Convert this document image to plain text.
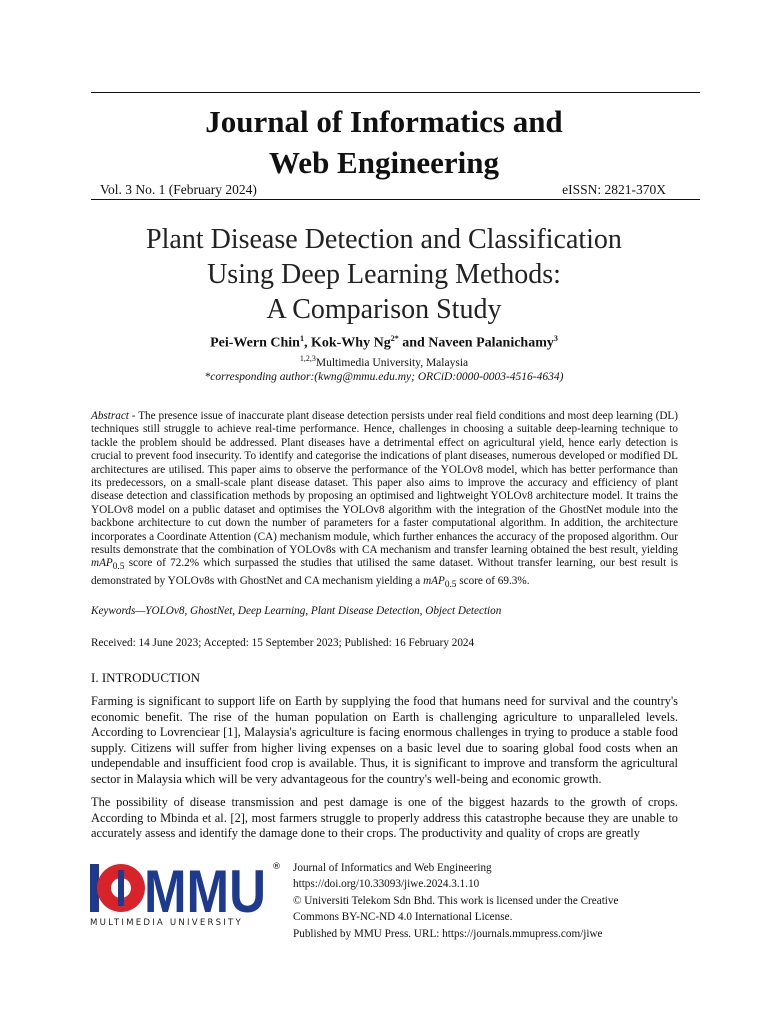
Journal of Informatics and
Web Engineering
Vol. 3 No. 1 (February 2024)	eISSN: 2821-370X
Plant Disease Detection and Classification
Using Deep Learning Methods:
A Comparison Study
Pei-Wern Chin$^1$, Kok-Why $Ng^{2*}$ and Naveen Palanichamy$^3$
$^{1,2,3}$Multimedia University, Malaysia
*corresponding author:(kwng@mmu.edu.my; ORCiD:0000-0003-4516-4634)

Abstract - The presence issue of inaccurate plant disease detection persists under real field conditions and most deep learning (DL) techniques still struggle to achieve real-time performance. Hence, challenges in choosing a suitable deep-learning technique to tackle the problem should be addressed. Plant diseases have a detrimental effect on agricultural yield, hence early detection is crucial to prevent food insecurity. To identify and categorise the indications of plant diseases, numerous developed or modified DL architectures are utilised. This paper aims to observe the performance of the YOLOv8 model, which has better performance than its predecessors, on a small-scale plant disease dataset. This paper also aims to improve the accuracy and efficiency of plant disease detection and classification methods by proposing an optimised and lightweight YOLOv8 architecture model. It trains the YOLOv8 model on a public dataset and optimises the YOLOv8 algorithm with the integration of the GhostNet module into the backbone architecture to cut down the number of parameters for a faster computational algorithm. In addition, the architecture incorporates a Coordinate Attention (CA) mechanism module, which further enhances the accuracy of the proposed algorithm. Our results demonstrate that the combination of YOLOv8s with CA mechanism and transfer learning obtained the best result, yielding mAP$_{0.5}$ score of 72.2% which surpassed the studies that utilised the same dataset. Without transfer learning, our best result is demonstrated by YOLOv8s with GhostNet and CA mechanism yielding a mAP$_{0.5}$ score of 69.3%.

Keywords—YOLOv8, GhostNet, Deep Learning, Plant Disease Detection, Object Detection
Received: 14 June 2023; Accepted: 15 September 2023; Published: 16 February 2024
I. INTRODUCTION

Farming is significant to support life on Earth by supplying the food that humans need for survival and the country's economic benefit. The rise of the human population on Earth is challenging agriculture to unparalleled levels. According to Lovrenciear [1], Malaysia's agriculture is facing enormous challenges in trying to produce a stable food supply. Citizens will suffer from higher living expenses on a basic level due to soaring global food costs when an undependable and insufficient food crop is available. Thus, it is significant to improve and transform the agricultural sector in Malaysia which will be very advantageous for the country's well-being and economic growth.

The possibility of disease transmission and pest damage is one of the biggest hazards to the growth of crops. According to Mbinda et al. [2], most farmers struggle to properly address this catastrophe because they are unable to accurately assess and identify the damage done to their crops. The productivity and quality of crops are greatly

MMU ®
MULTIMEDIA UNIVERSITY
Journal of Informatics and Web Engineering
https://doi.org/10.33093/jiwe.2024.3.1.10
© Universiti Telekom Sdn Bhd. This work is licensed under the Creative
Commons BY-NC-ND 4.0 International License.
Published by MMU Press. URL: https://journals.mmupress.com/jiwe
